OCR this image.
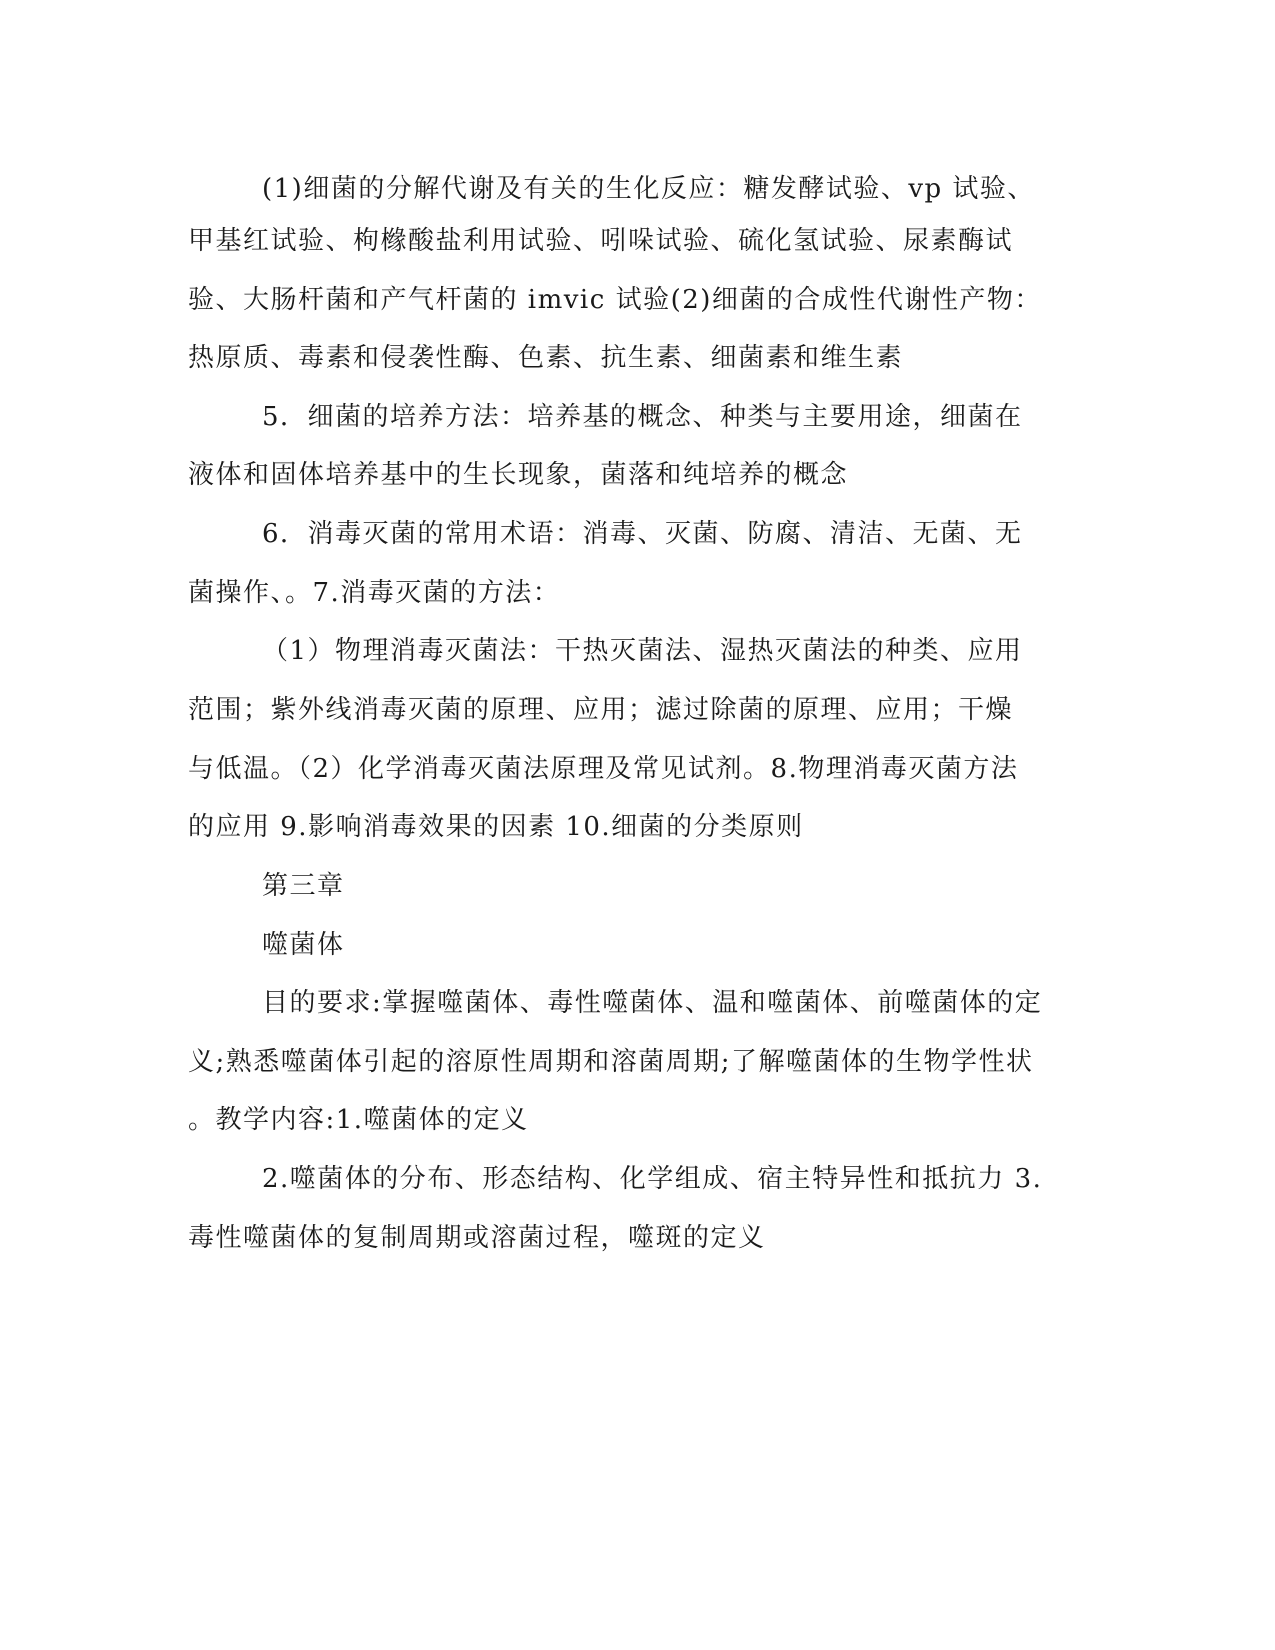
(1)细菌的分解代谢及有关的生化反应：糖发酵试验、vp 试验、
甲基红试验、枸橼酸盐利用试验、吲哚试验、硫化氢试验、尿素酶试
验、大肠杆菌和产气杆菌的 imvic 试验(2)细菌的合成性代谢性产物：
热原质、毒素和侵袭性酶、色素、抗生素、细菌素和维生素
5．细菌的培养方法：培养基的概念、种类与主要用途，细菌在
液体和固体培养基中的生长现象，菌落和纯培养的概念
6．消毒灭菌的常用术语：消毒、灭菌、防腐、清洁、无菌、无
菌操作、。7.消毒灭菌的方法：
（1）物理消毒灭菌法：干热灭菌法、湿热灭菌法的种类、应用
范围；紫外线消毒灭菌的原理、应用；滤过除菌的原理、应用；干燥
与低温。（2）化学消毒灭菌法原理及常见试剂。8.物理消毒灭菌方法
的应用 9.影响消毒效果的因素 10.细菌的分类原则
第三章
噬菌体
目的要求:掌握噬菌体、毒性噬菌体、温和噬菌体、前噬菌体的定
义;熟悉噬菌体引起的溶原性周期和溶菌周期;了解噬菌体的生物学性状
。教学内容:1.噬菌体的定义
2.噬菌体的分布、形态结构、化学组成、宿主特异性和抵抗力 3.
毒性噬菌体的复制周期或溶菌过程，噬斑的定义
